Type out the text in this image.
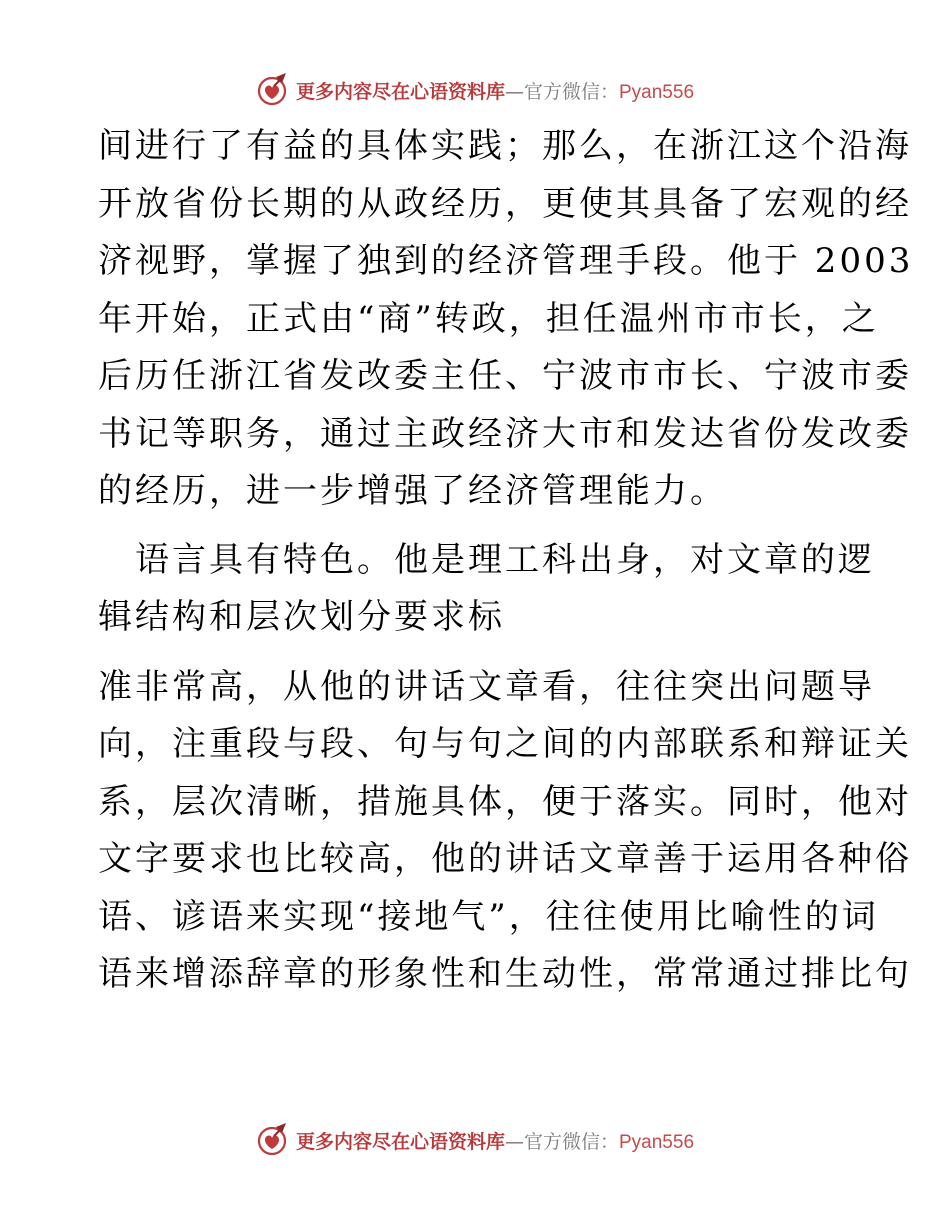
更多内容尽在心语资料库—官方微信：Pyan556

间进行了有益的具体实践；那么，在浙江这个沿海
开放省份长期的从政经历，更使其具备了宏观的经
济视野，掌握了独到的经济管理手段。他于 2003
年开始，正式由“商”转政，担任温州市市长，之
后历任浙江省发改委主任、宁波市市长、宁波市委
书记等职务，通过主政经济大市和发达省份发改委
的经历，进一步增强了经济管理能力。

　语言具有特色。他是理工科出身，对文章的逻
辑结构和层次划分要求标

准非常高，从他的讲话文章看，往往突出问题导
向，注重段与段、句与句之间的内部联系和辩证关
系，层次清晰，措施具体，便于落实。同时，他对
文字要求也比较高，他的讲话文章善于运用各种俗
语、谚语来实现“接地气”，往往使用比喻性的词
语来增添辞章的形象性和生动性，常常通过排比句

更多内容尽在心语资料库—官方微信：Pyan556
